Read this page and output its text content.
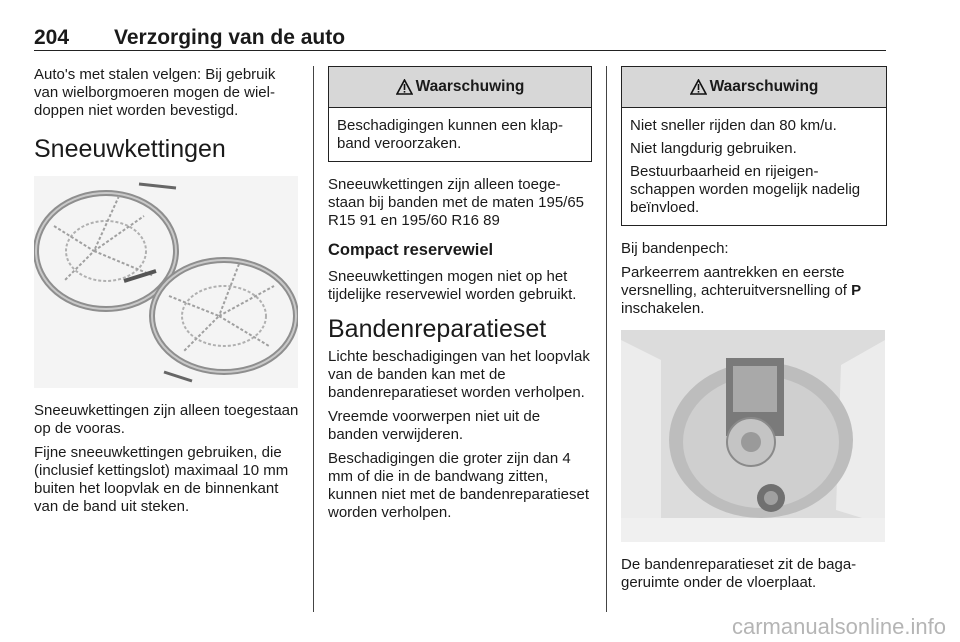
204 Verzorging van de auto

Auto's met stalen velgen: Bij gebruik van wielborgmoeren mogen de wieldoppen niet worden bevestigd.

Sneeuwkettingen

Sneeuwkettingen zijn alleen toegestaan op de vooras.

Fijne sneeuwkettingen gebruiken, die (inclusief kettingslot) maximaal 10 mm buiten het loopvlak en de binnenkant van de band uit steken.

Waarschuwing

Beschadigingen kunnen een klapband veroorzaken.

Sneeuwkettingen zijn alleen toegestaan bij banden met de maten 195/65 R15 91 en 195/60 R16 89

Compact reservewiel

Sneeuwkettingen mogen niet op het tijdelijke reservewiel worden gebruikt.

Bandenreparatieset

Lichte beschadigingen van het loopvlak van de banden kan met de bandenreparatieset worden verholpen.

Vreemde voorwerpen niet uit de banden verwijderen.

Beschadigingen die groter zijn dan 4 mm of die in de bandwang zitten, kunnen niet met de bandenreparatieset worden verholpen.

Waarschuwing

Niet sneller rijden dan 80 km/u.

Niet langdurig gebruiken.

Bestuurbaarheid en rijeigenschappen worden mogelijk nadelig beïnvloed.

Bij bandenpech:

Parkeerrem aantrekken en eerste versnelling, achteruitversnelling of P inschakelen.

De bandenreparatieset zit de bagageruimte onder de vloerplaat.

carmanualsonline.info
